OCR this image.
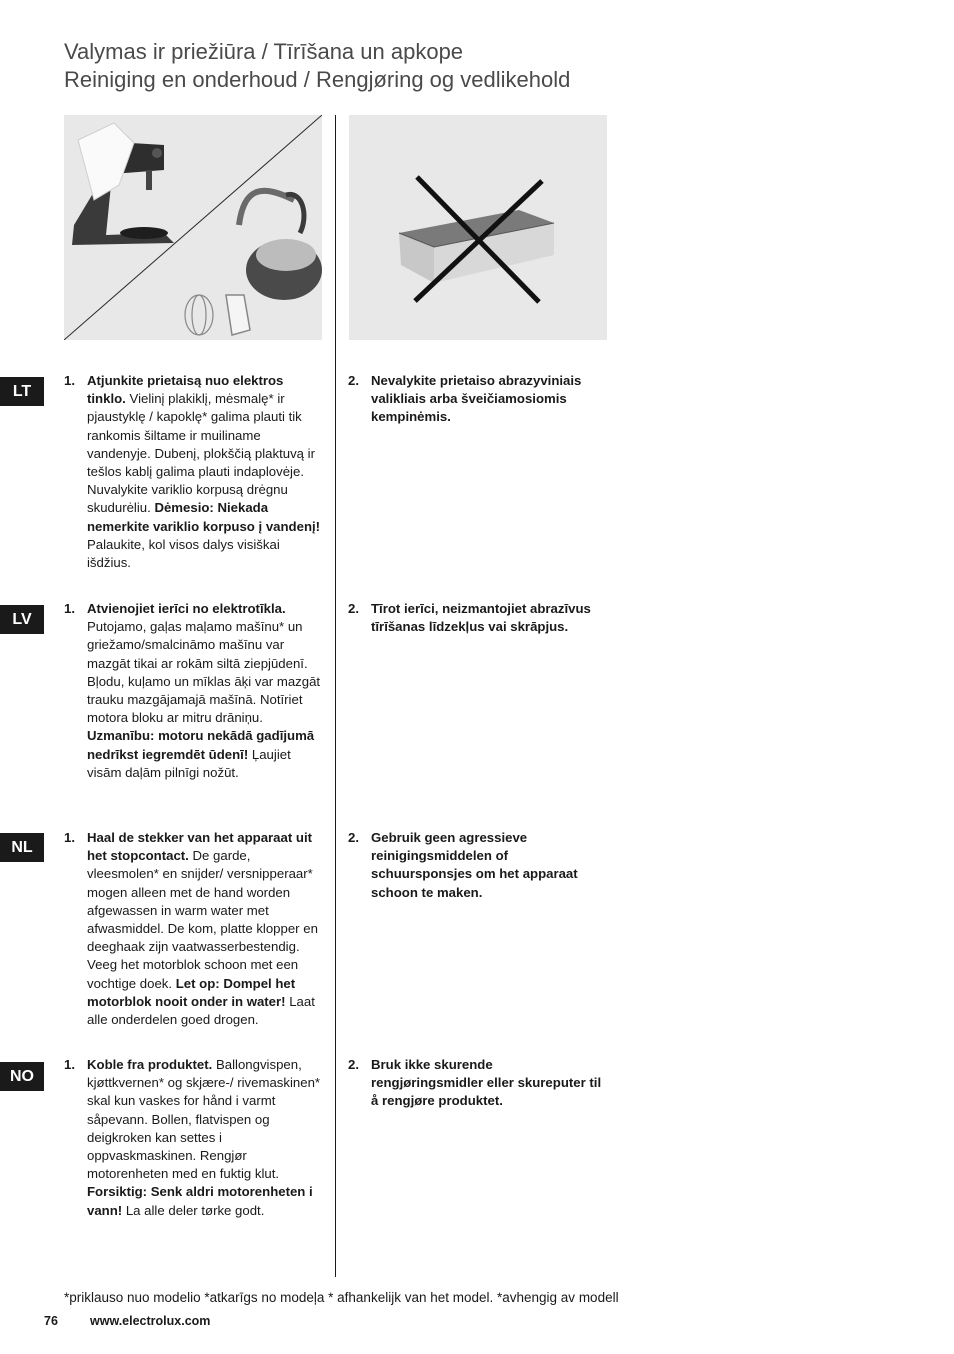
Valymas ir priežiūra / Tīrīšana un apkope
Reiniging en onderhoud / Rengjøring og vedlikehold
LT
1. Atjunkite prietaisą nuo elektros tinklo. Vielinį plakiklį, mėsmalę* ir pjaustyklę / kapoklę* galima plauti tik rankomis šiltame ir muiliname vandenyje. Dubenį, plokščią plaktuvą ir tešlos kablį galima plauti indaplovėje. Nuvalykite variklio korpusą drėgnu skudurėliu. Dėmesio: Niekada nemerkite variklio korpuso į vandenį! Palaukite, kol visos dalys visiškai išdžius.
2. Nevalykite prietaiso abrazyviniais valikliais arba šveičiamosiomis kempinėmis.
LV
1. Atvienojiet ierīci no elektrotīkla. Putojamo, gaļas maļamo mašīnu* un griežamo/smalcināmo mašīnu var mazgāt tikai ar rokām siltā ziepjūdenī. Bļodu, kuļamo un mīklas āķi var mazgāt trauku mazgājamajā mašīnā. Notīriet motora bloku ar mitru drāniņu. Uzmanību: motoru nekādā gadījumā nedrīkst iegremdēt ūdenī! Ļaujiet visām daļām pilnīgi nožūt.
2. Tīrot ierīci, neizmantojiet abrazīvus tīrīšanas līdzekļus vai skrāpjus.
NL
1. Haal de stekker van het apparaat uit het stopcontact. De garde, vleesmolen* en snijder/ versnipperaar* mogen alleen met de hand worden afgewassen in warm water met afwasmiddel. De kom, platte klopper en deeghaak zijn vaatwasserbestendig. Veeg het motorblok schoon met een vochtige doek. Let op: Dompel het motorblok nooit onder in water! Laat alle onderdelen goed drogen.
2. Gebruik geen agressieve reinigingsmiddelen of schuursponsjes om het apparaat schoon te maken.
NO
1. Koble fra produktet. Ballongvispen, kjøttkvernen* og skjære-/ rivemaskinen* skal kun vaskes for hånd i varmt såpevann. Bollen, flatvispen og deigkroken kan settes i oppvaskmaskinen. Rengjør motorenheten med en fuktig klut. Forsiktig: Senk aldri motorenheten i vann! La alle deler tørke godt.
2. Bruk ikke skurende rengjøringsmidler eller skureputer til å rengjøre produktet.
*priklauso nuo modelio *atkarīgs no modeļa * afhankelijk van het model. *avhengig av modell
76	www.electrolux.com
